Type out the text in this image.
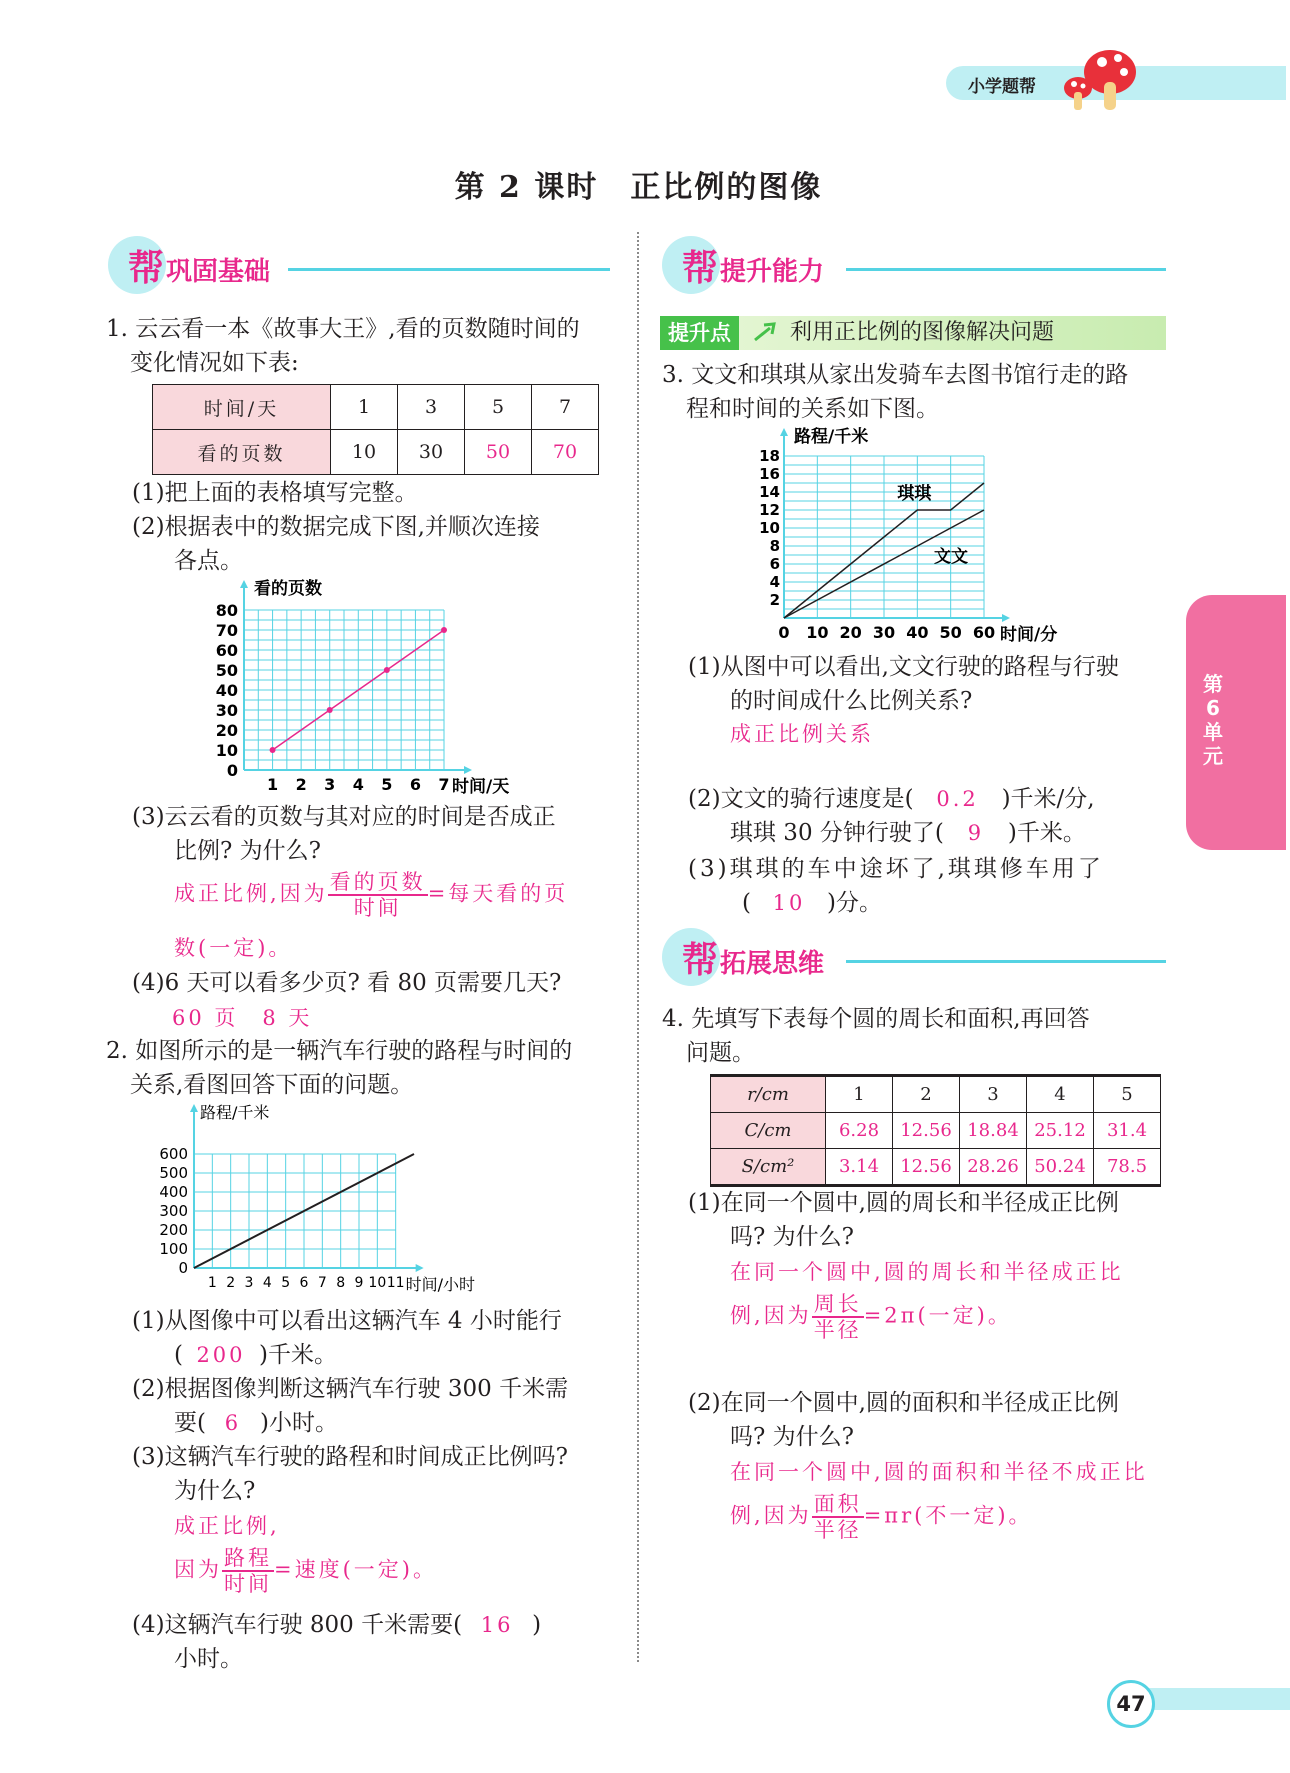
小学题帮
第 2 课时　正比例的图像
帮 巩固基础
1. 云云看一本《故事大王》,看的页数随时间的
变化情况如下表:
时间/天	1	3	5	7
看的页数	10	30	50	70
(1)把上面的表格填写完整。
(2)根据表中的数据完成下图,并顺次连接
各点。
1 2 3 4 5 6 7
0
10
20
30
40
50
60
70
80
看的页数
时间/天
(3)云云看的页数与其对应的时间是否成正
比例? 为什么?
成正比例,因为 $\frac{\text{看的页数}}{\text{时间}}$ =每天看的页
数(一定)。
(4)6 天可以看多少页? 看 80 页需要几天?
60 页　8 天
2. 如图所示的是一辆汽车行驶的路程与时间的
关系,看图回答下面的问题。
1 2 3 4 5 6 7 8 9 10 11
0
100
200
300
400
500
600
路程/千米
时间/小时
(1)从图像中可以看出这辆汽车 4 小时能行
( 200 )千米。
(2)根据图像判断这辆汽车行驶 300 千米需
要( 6 )小时。
(3)这辆汽车行驶的路程和时间成正比例吗?
为什么?
成正比例,
因为 $\frac{\text{路程}}{\text{时间}}$ =速度(一定)。
(4)这辆汽车行驶 800 千米需要( 16 )
小时。
帮 提升能力
提升点	利用正比例的图像解决问题
3. 文文和琪琪从家出发骑车去图书馆行走的路
程和时间的关系如下图。
0 10 20 30 40 50 60
2
4
6
8
10
12
14
16
18
路程/千米
时间/分
琪琪
文文
(1)从图中可以看出,文文行驶的路程与行驶
的时间成什么比例关系?
成正比例关系
(2)文文的骑行速度是( 0.2 )千米/分,
琪琪 30 分钟行驶了( 9 )千米。
(3)琪琪的车中途坏了,琪琪修车用了
( 10 )分。
帮 拓展思维
4. 先填写下表每个圆的周长和面积,再回答
问题。
r/cm	1	2	3	4	5
C/cm	6.28	12.56	18.84	25.12	31.4
S/cm²	3.14	12.56	28.26	50.24	78.5
(1)在同一个圆中,圆的周长和半径成正比例
吗? 为什么?
在同一个圆中,圆的周长和半径成正比
例,因为 $\frac{\text{周长}}{\text{半径}} =2\pi$(一定)。
(2)在同一个圆中,圆的面积和半径成正比例
吗? 为什么?
在同一个圆中,圆的面积和半径不成正比
例,因为 $\frac{\text{面积}}{\text{半径}} =\pi r$(不一定)。
第6单元
47
